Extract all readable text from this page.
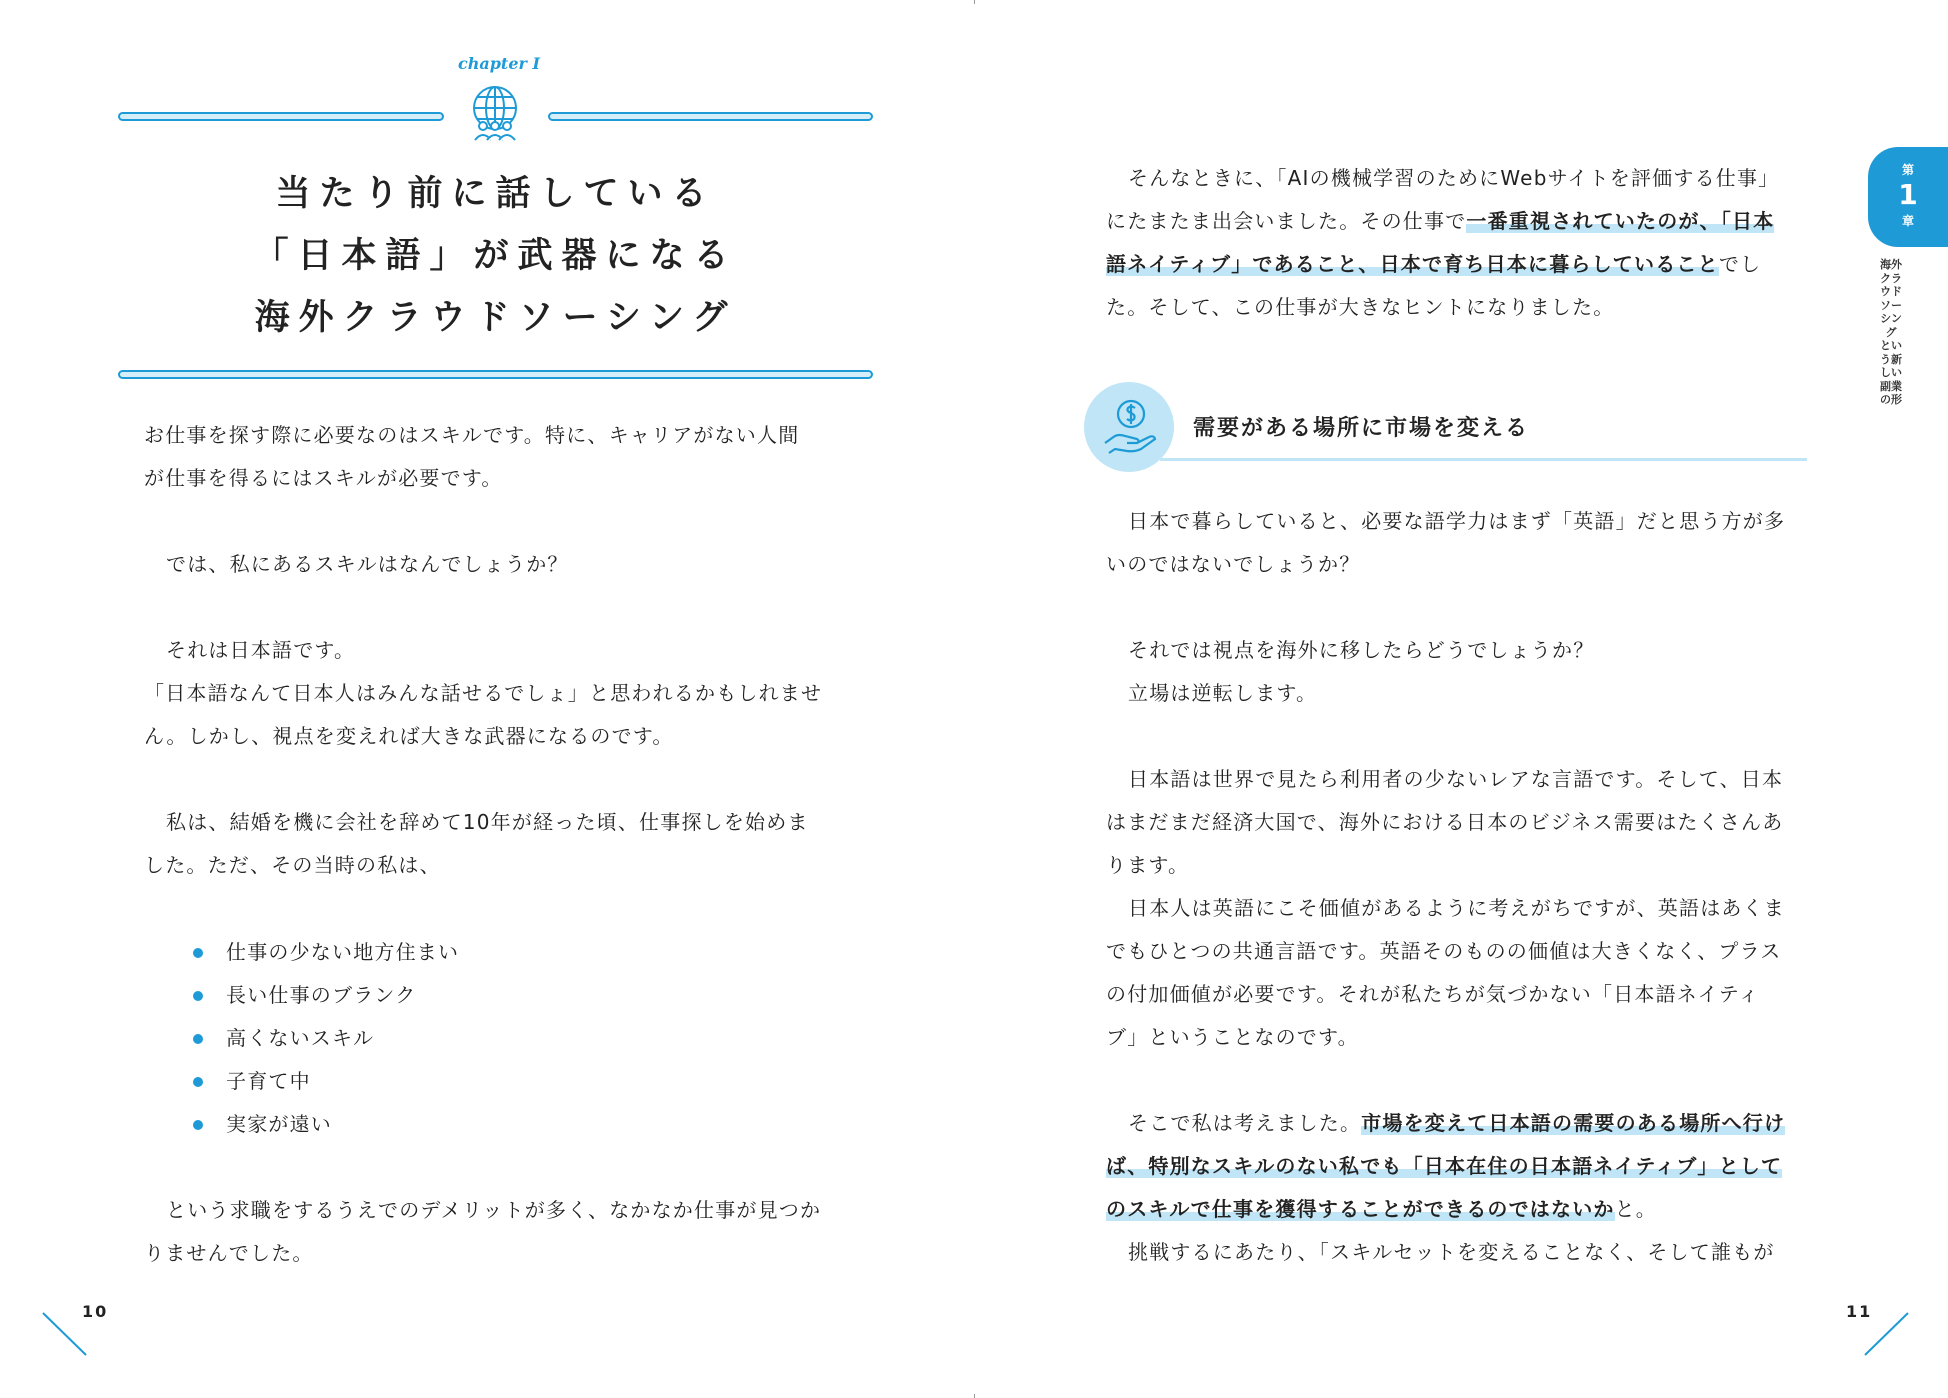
chapter I
当たり前に話している
「日本語」が武器になる
海外クラウドソーシング
お仕事を探す際に必要なのはスキルです。特に、キャリアがない人間
が仕事を得るにはスキルが必要です。
では、私にあるスキルはなんでしょうか？
それは日本語です。
「日本語なんて日本人はみんな話せるでしょ」と思われるかもしれませ
ん。しかし、視点を変えれば大きな武器になるのです。
私は、結婚を機に会社を辞めて10年が経った頃、仕事探しを始めま
した。ただ、その当時の私は、
仕事の少ない地方住まい
長い仕事のブランク
高くないスキル
子育て中
実家が遠い
という求職をするうえでのデメリットが多く、なかなか仕事が見つか
りませんでした。
10
そんなときに、「AIの機械学習のためにWebサイトを評価する仕事」
にたまたま出会いました。その仕事で一番重視されていたのが、「日本
語ネイティブ」であること、日本で育ち日本に暮らしていることでし
た。そして、この仕事が大きなヒントになりました。
需要がある場所に市場を変える
日本で暮らしていると、必要な語学力はまず「英語」だと思う方が多
いのではないでしょうか？
それでは視点を海外に移したらどうでしょうか？
立場は逆転します。
日本語は世界で見たら利用者の少ないレアな言語です。そして、日本
はまだまだ経済大国で、海外における日本のビジネス需要はたくさんあ
ります。
日本人は英語にこそ価値があるように考えがちですが、英語はあくま
でもひとつの共通言語です。英語そのものの価値は大きくなく、プラス
の付加価値が必要です。それが私たちが気づかない「日本語ネイティ
ブ」ということなのです。
そこで私は考えました。市場を変えて日本語の需要のある場所へ行け
ば、特別なスキルのない私でも「日本在住の日本語ネイティブ」として
のスキルで仕事を獲得することができるのではないかと。
挑戦するにあたり、「スキルセットを変えることなく、そして誰もが
11
第
1
章
海外クラウドソーシングという新しい副業の形
